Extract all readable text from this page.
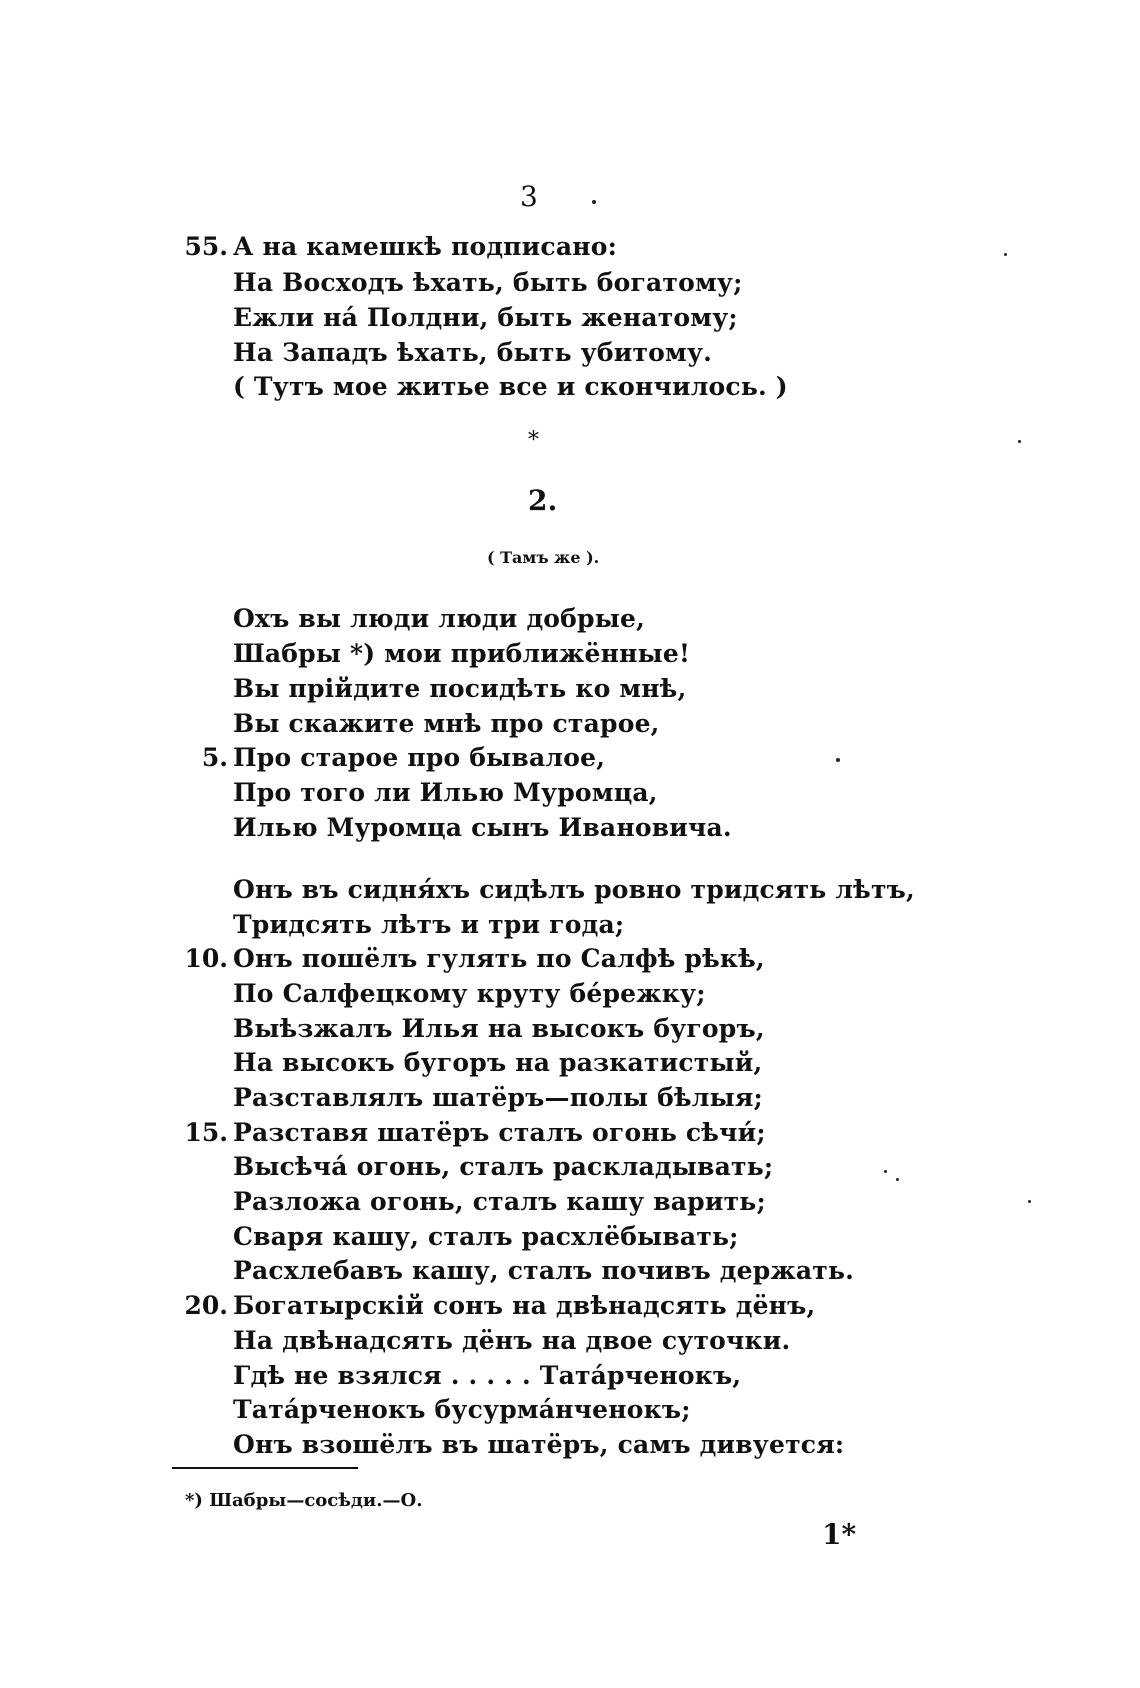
3
55. А на камешкѣ подписано:
На Восходъ ѣхать, быть богатому;
Ежли на́ Полдни, быть женатому;
На Западъ ѣхать, быть убитому.
( Тутъ мое житье все и скончилось. )
*
2.
( Тамъ же ).
Охъ вы люди люди добрые,
Шабры *) мои приближённые!
Вы прійдите посидѣть ко мнѣ,
Вы скажите мнѣ про старое,
5. Про старое про бывалое,
Про того ли Илью Муромца,
Илью Муромца сынъ Ивановича.
Онъ въ сидня́хъ сидѣлъ ровно тридсять лѣтъ,
Тридсять лѣтъ и три года;
10. Онъ пошёлъ гулять по Салфѣ рѣкѣ,
По Салфецкому круту бе́режку;
Выѣзжалъ Илья на высокъ бугоръ,
На высокъ бугоръ на разкатистый,
Разставлялъ шатёръ—полы бѣлыя;
15. Разставя шатёръ сталъ огонь сѣчи́;
Высѣча́ огонь, сталъ раскладывать;
Разложа огонь, сталъ кашу варить;
Сваря кашу, сталъ расхлёбывать;
Расхлебавъ кашу, сталъ почивъ держать.
20. Богатырскій сонъ на двѣнадсять дёнъ,
На двѣнадсять дёнъ на двое суточки.
Гдѣ не взялся . . . . . Тата́рченокъ,
Тата́рченокъ бусурма́нченокъ;
Онъ взошёлъ въ шатёръ, самъ дивуется:
*) Шабры—сосѣди.—О.
1*
